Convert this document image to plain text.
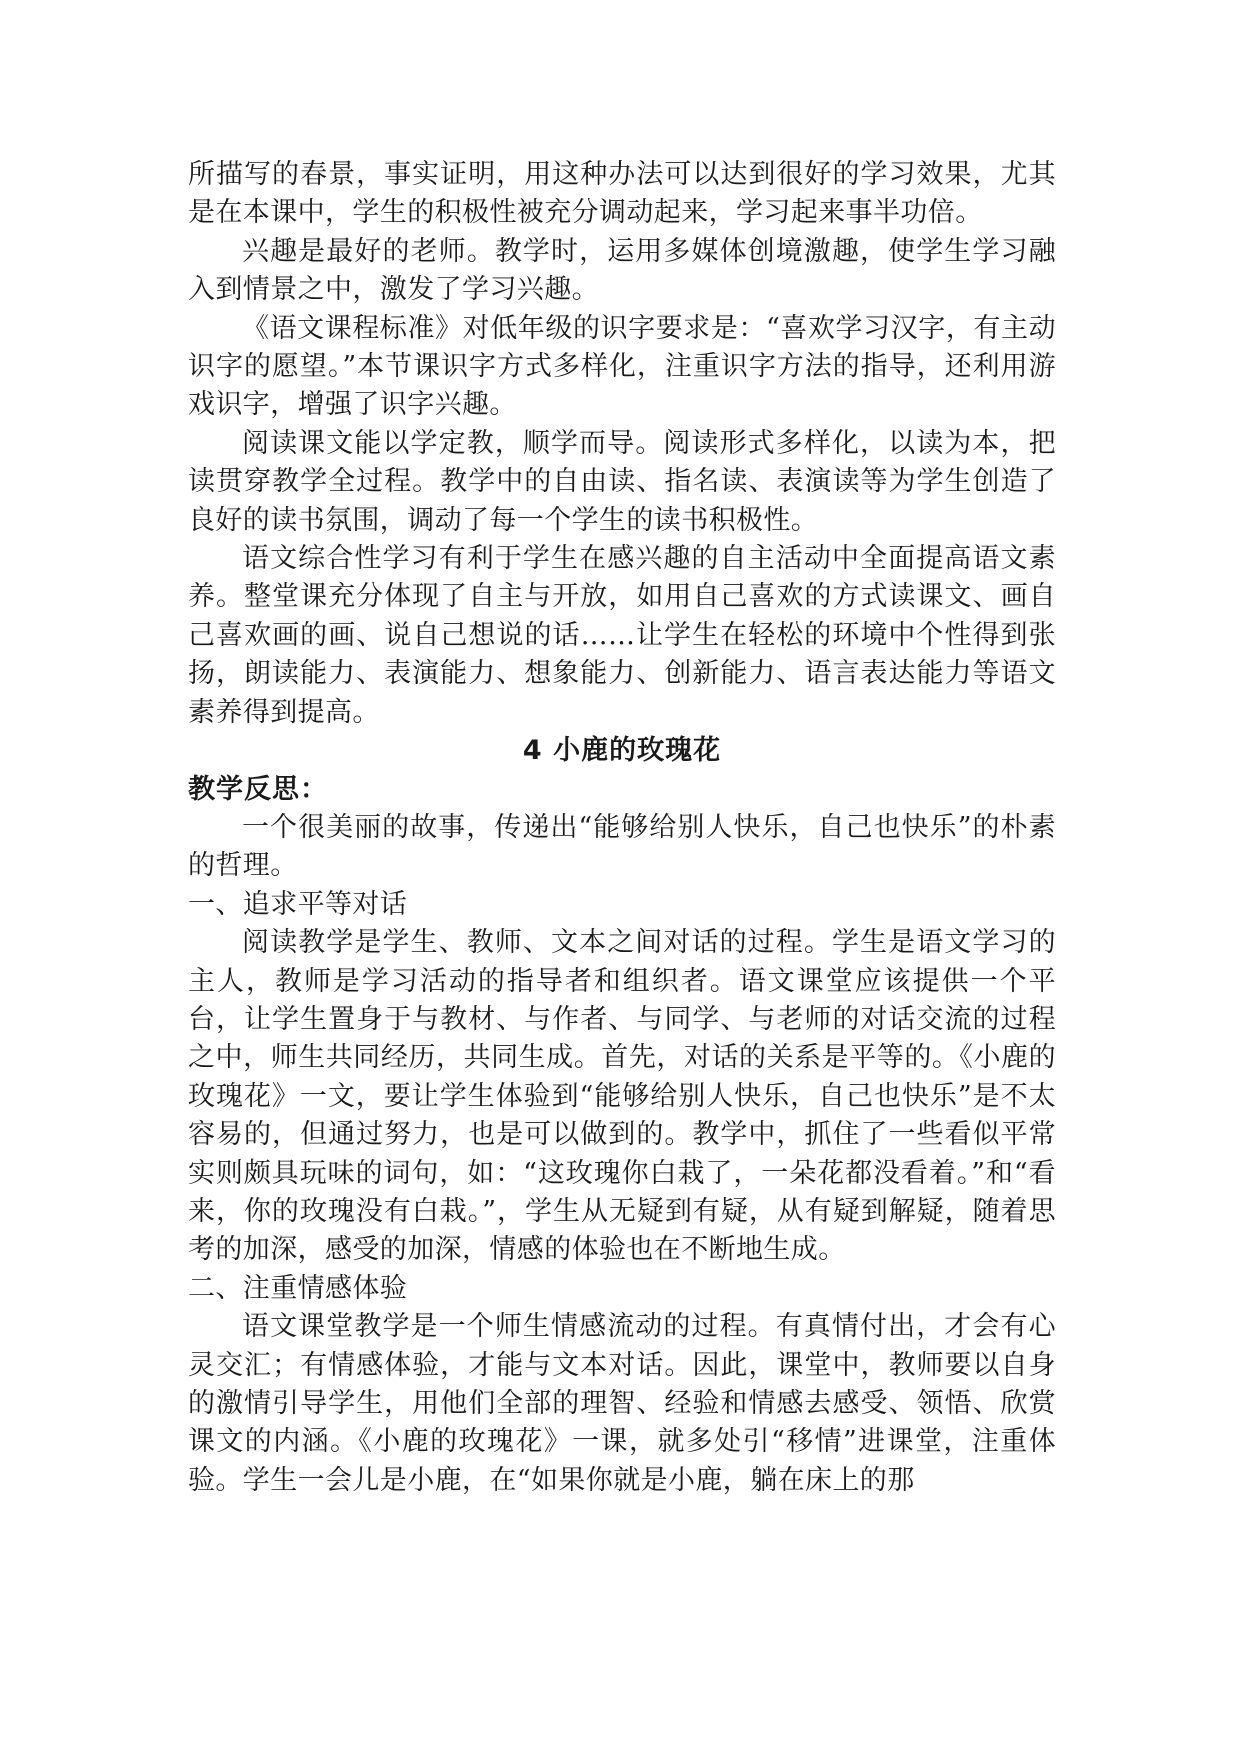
所描写的春景，事实证明，用这种办法可以达到很好的学习效果，尤其是在本课中，学生的积极性被充分调动起来，学习起来事半功倍。

兴趣是最好的老师。教学时，运用多媒体创境激趣，使学生学习融入到情景之中，激发了学习兴趣。

《语文课程标准》对低年级的识字要求是：“喜欢学习汉字，有主动识字的愿望。”本节课识字方式多样化，注重识字方法的指导，还利用游戏识字，增强了识字兴趣。

阅读课文能以学定教，顺学而导。阅读形式多样化，以读为本，把读贯穿教学全过程。教学中的自由读、指名读、表演读等为学生创造了良好的读书氛围，调动了每一个学生的读书积极性。

语文综合性学习有利于学生在感兴趣的自主活动中全面提高语文素养。整堂课充分体现了自主与开放，如用自己喜欢的方式读课文、画自己喜欢画的画、说自己想说的话……让学生在轻松的环境中个性得到张扬，朗读能力、表演能力、想象能力、创新能力、语言表达能力等语文素养得到提高。

4 小鹿的玫瑰花

教学反思：

一个很美丽的故事，传递出“能够给别人快乐，自己也快乐”的朴素的哲理。

一、追求平等对话

阅读教学是学生、教师、文本之间对话的过程。学生是语文学习的主人，教师是学习活动的指导者和组织者。语文课堂应该提供一个平台，让学生置身于与教材、与作者、与同学、与老师的对话交流的过程之中，师生共同经历，共同生成。首先，对话的关系是平等的。《小鹿的玫瑰花》一文，要让学生体验到“能够给别人快乐，自己也快乐”是不太容易的，但通过努力，也是可以做到的。教学中，抓住了一些看似平常实则颇具玩味的词句，如：“这玫瑰你白栽了，一朵花都没看着。”和“看来，你的玫瑰没有白栽。”，学生从无疑到有疑，从有疑到解疑，随着思考的加深，感受的加深，情感的体验也在不断地生成。

二、注重情感体验

语文课堂教学是一个师生情感流动的过程。有真情付出，才会有心灵交汇；有情感体验，才能与文本对话。因此，课堂中，教师要以自身的激情引导学生，用他们全部的理智、经验和情感去感受、领悟、欣赏课文的内涵。《小鹿的玫瑰花》一课，就多处引“移情”进课堂，注重体验。学生一会儿是小鹿，在“如果你就是小鹿，躺在床上的那
